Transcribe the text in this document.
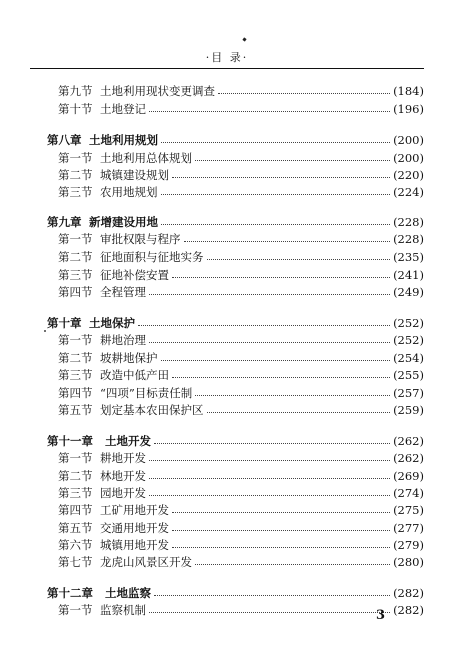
·目 录·
第九节 土地利用现状变更调查	(184)
第十节 土地登记	(196)
第八章 土地利用规划	(200)
第一节 土地利用总体规划	(200)
第二节 城镇建设规划	(220)
第三节 农用地规划	(224)
第九章 新增建设用地	(228)
第一节 审批权限与程序	(228)
第二节 征地面积与征地实务	(235)
第三节 征地补偿安置	(241)
第四节 全程管理	(249)
第十章 土地保护	(252)
第一节 耕地治理	(252)
第二节 坡耕地保护	(254)
第三节 改造中低产田	(255)
第四节 “四项”目标责任制	(257)
第五节 划定基本农田保护区	(259)
第十一章	土地开发	(262)
第一节 耕地开发	(262)
第二节 林地开发	(269)
第三节 园地开发	(274)
第四节 工矿用地开发	(275)
第五节 交通用地开发	(277)
第六节 城镇用地开发	(279)
第七节 龙虎山风景区开发	(280)
第十二章	土地监察	(282)
第一节 监察机制	(282)
3
